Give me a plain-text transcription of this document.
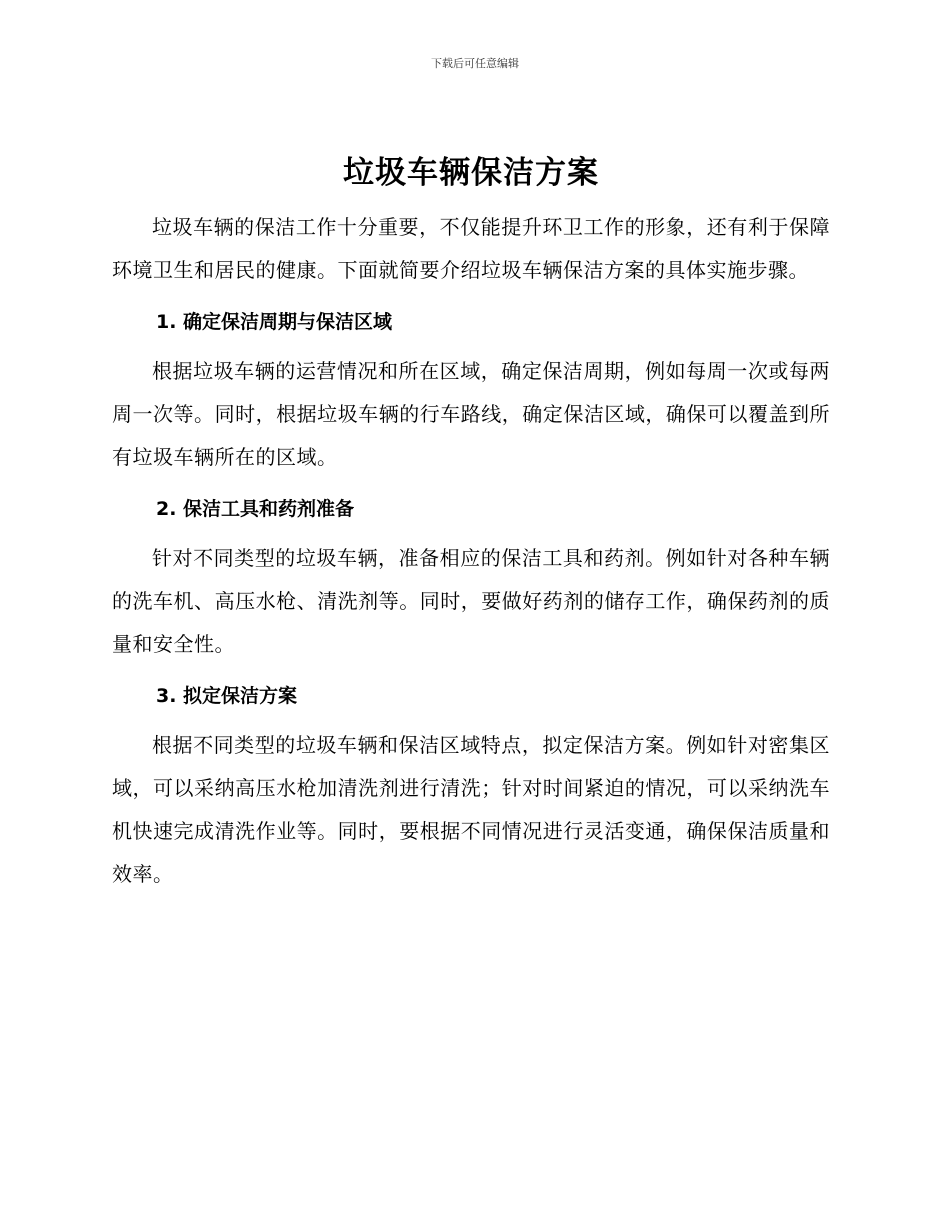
下载后可任意编辑
垃圾车辆保洁方案

垃圾车辆的保洁工作十分重要，不仅能提升环卫工作的形象，还有利于保障环境卫生和居民的健康。下面就简要介绍垃圾车辆保洁方案的具体实施步骤。

1. 确定保洁周期与保洁区域

根据垃圾车辆的运营情况和所在区域，确定保洁周期，例如每周一次或每两周一次等。同时，根据垃圾车辆的行车路线，确定保洁区域，确保可以覆盖到所有垃圾车辆所在的区域。

2. 保洁工具和药剂准备

针对不同类型的垃圾车辆，准备相应的保洁工具和药剂。例如针对各种车辆的洗车机、高压水枪、清洗剂等。同时，要做好药剂的储存工作，确保药剂的质量和安全性。

3. 拟定保洁方案

根据不同类型的垃圾车辆和保洁区域特点，拟定保洁方案。例如针对密集区域，可以采纳高压水枪加清洗剂进行清洗；针对时间紧迫的情况，可以采纳洗车机快速完成清洗作业等。同时，要根据不同情况进行灵活变通，确保保洁质量和效率。
